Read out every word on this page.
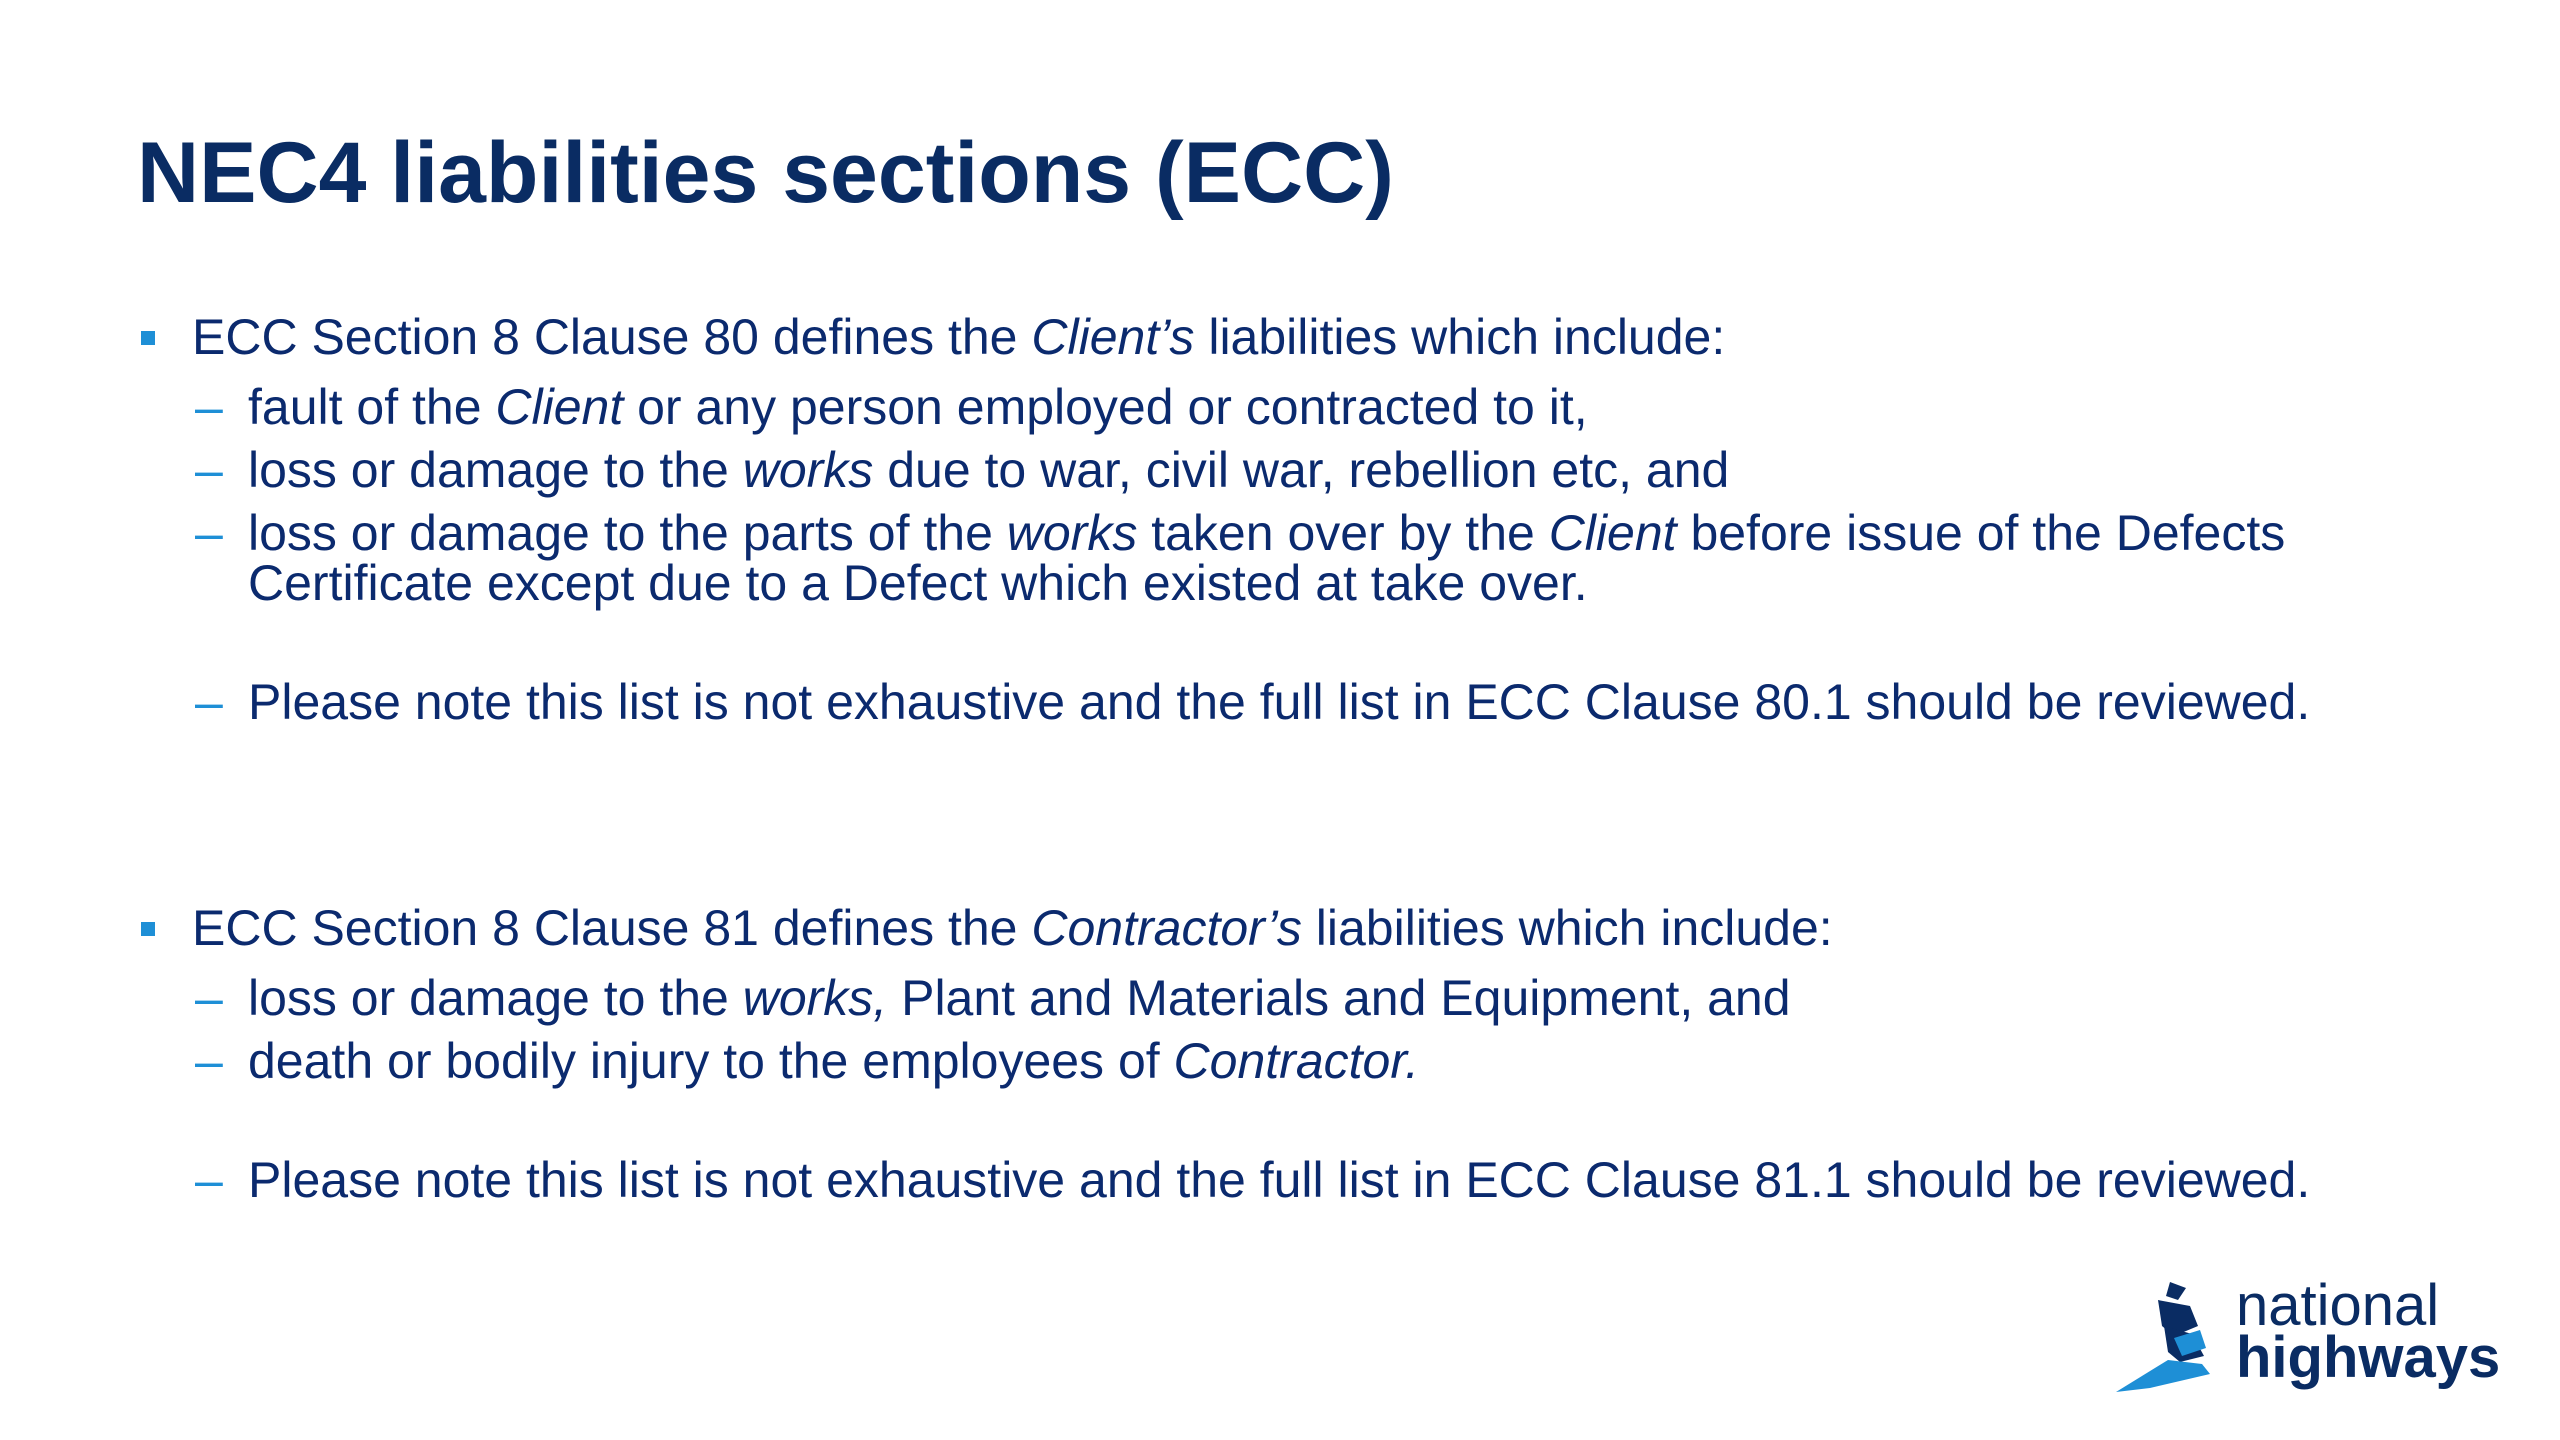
NEC4 liabilities sections (ECC)
ECC Section 8 Clause 80 defines the Client’s liabilities which include:
– fault of the Client or any person employed or contracted to it,
– loss or damage to the works due to war, civil war, rebellion etc, and
– loss or damage to the parts of the works taken over by the Client before issue of the Defects
Certificate except due to a Defect which existed at take over.
– Please note this list is not exhaustive and the full list in ECC Clause 80.1 should be reviewed.
ECC Section 8 Clause 81 defines the Contractor’s liabilities which include:
– loss or damage to the works, Plant and Materials and Equipment, and
– death or bodily injury to the employees of Contractor.
– Please note this list is not exhaustive and the full list in ECC Clause 81.1 should be reviewed.
national
highways
